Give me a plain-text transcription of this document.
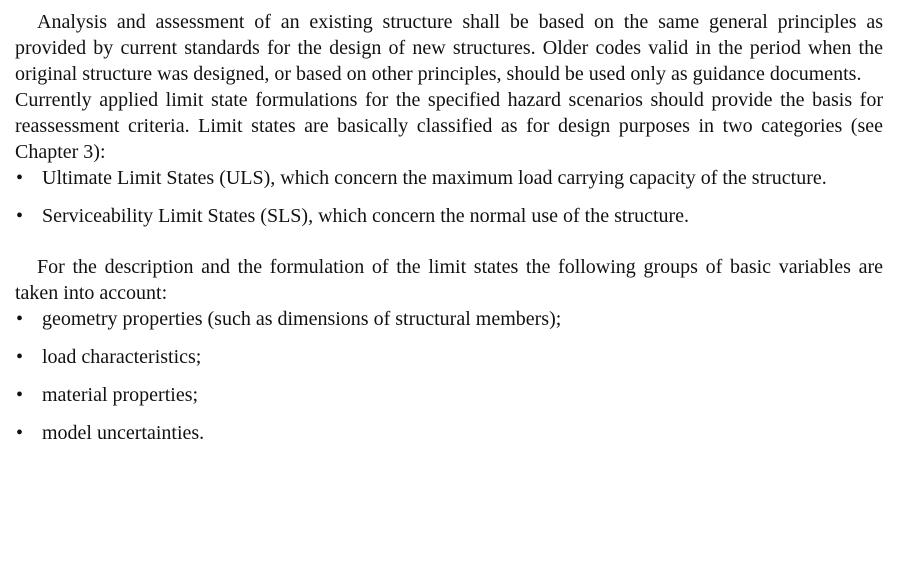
Analysis and assessment of an existing structure shall be based on the same general principles as provided by current standards for the design of new structures. Older codes valid in the period when the original structure was designed, or based on other principles, should be used only as guidance documents.

Currently applied limit state formulations for the specified hazard scenarios should provide the basis for reassessment criteria. Limit states are basically classified as for design purposes in two categories (see Chapter 3):

• Ultimate Limit States (ULS), which concern the maximum load carrying capacity of the structure.
• Serviceability Limit States (SLS), which concern the normal use of the structure.

For the description and the formulation of the limit states the following groups of basic variables are taken into account:

• geometry properties (such as dimensions of structural members);
• load characteristics;
• material properties;
• model uncertainties.
